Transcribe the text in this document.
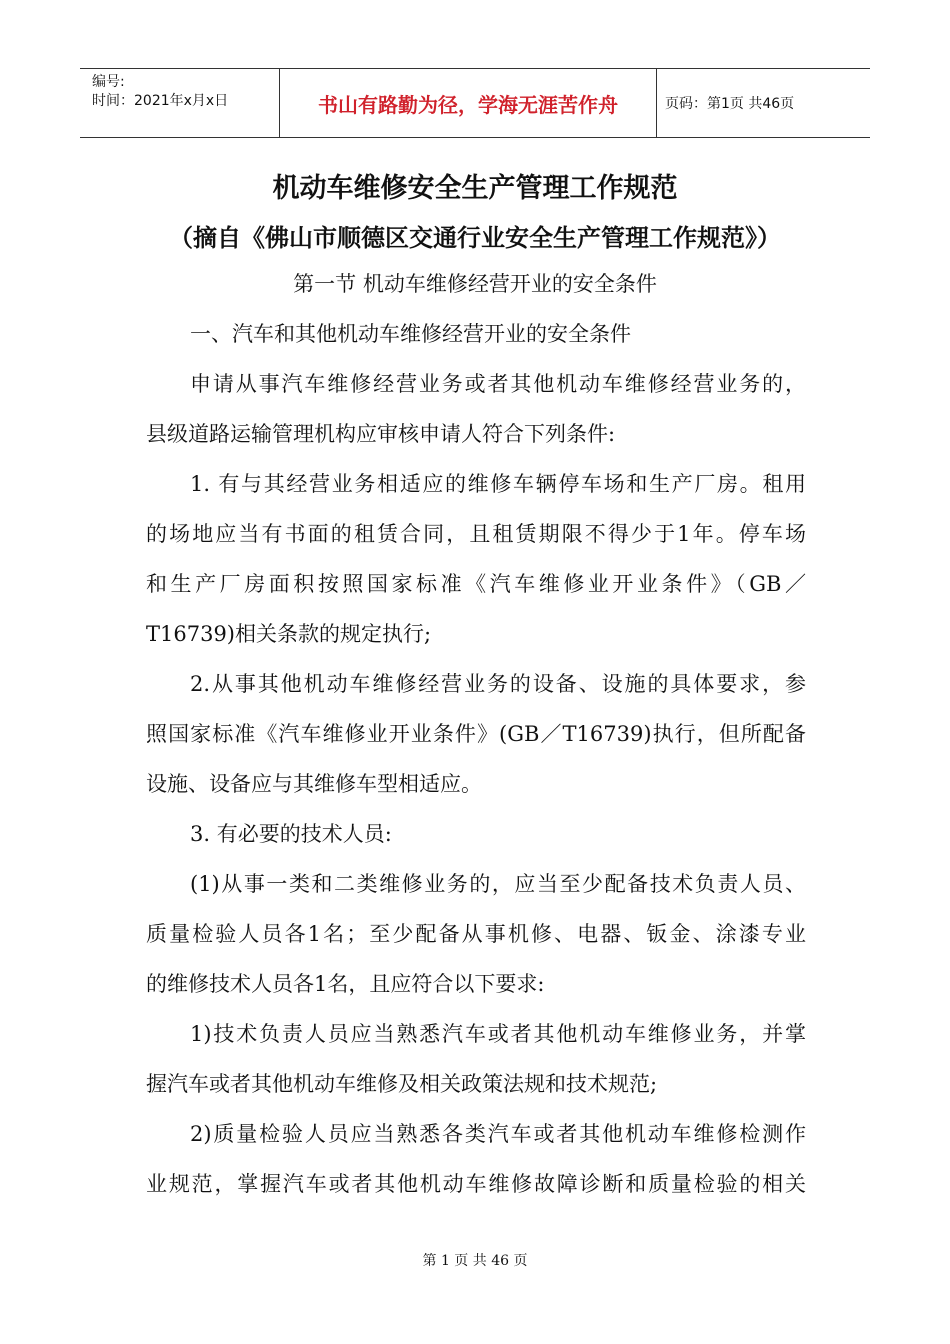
编号:
时间：2021年x月x日	书山有路勤为径，学海无涯苦作舟	页码：第1页 共46页
机动车维修安全生产管理工作规范
（摘自《佛山市顺德区交通行业安全生产管理工作规范》）
第一节 机动车维修经营开业的安全条件
一、汽车和其他机动车维修经营开业的安全条件
申请从事汽车维修经营业务或者其他机动车维修经营业务的，
县级道路运输管理机构应审核申请人符合下列条件:
1. 有与其经营业务相适应的维修车辆停车场和生产厂房。租用
的场地应当有书面的租赁合同，且租赁期限不得少于1年。停车场
和生产厂房面积按照国家标准《汽车维修业开业条件》（GB／
T16739)相关条款的规定执行;
2.从事其他机动车维修经营业务的设备、设施的具体要求，参
照国家标准《汽车维修业开业条件》(GB／T16739)执行，但所配备
设施、设备应与其维修车型相适应。
3. 有必要的技术人员:
(1)从事一类和二类维修业务的，应当至少配备技术负责人员、
质量检验人员各1名；至少配备从事机修、电器、钣金、涂漆专业
的维修技术人员各1名，且应符合以下要求:
1)技术负责人员应当熟悉汽车或者其他机动车维修业务，并掌
握汽车或者其他机动车维修及相关政策法规和技术规范;
2)质量检验人员应当熟悉各类汽车或者其他机动车维修检测作
业规范，掌握汽车或者其他机动车维修故障诊断和质量检验的相关
第 1 页 共 46 页
